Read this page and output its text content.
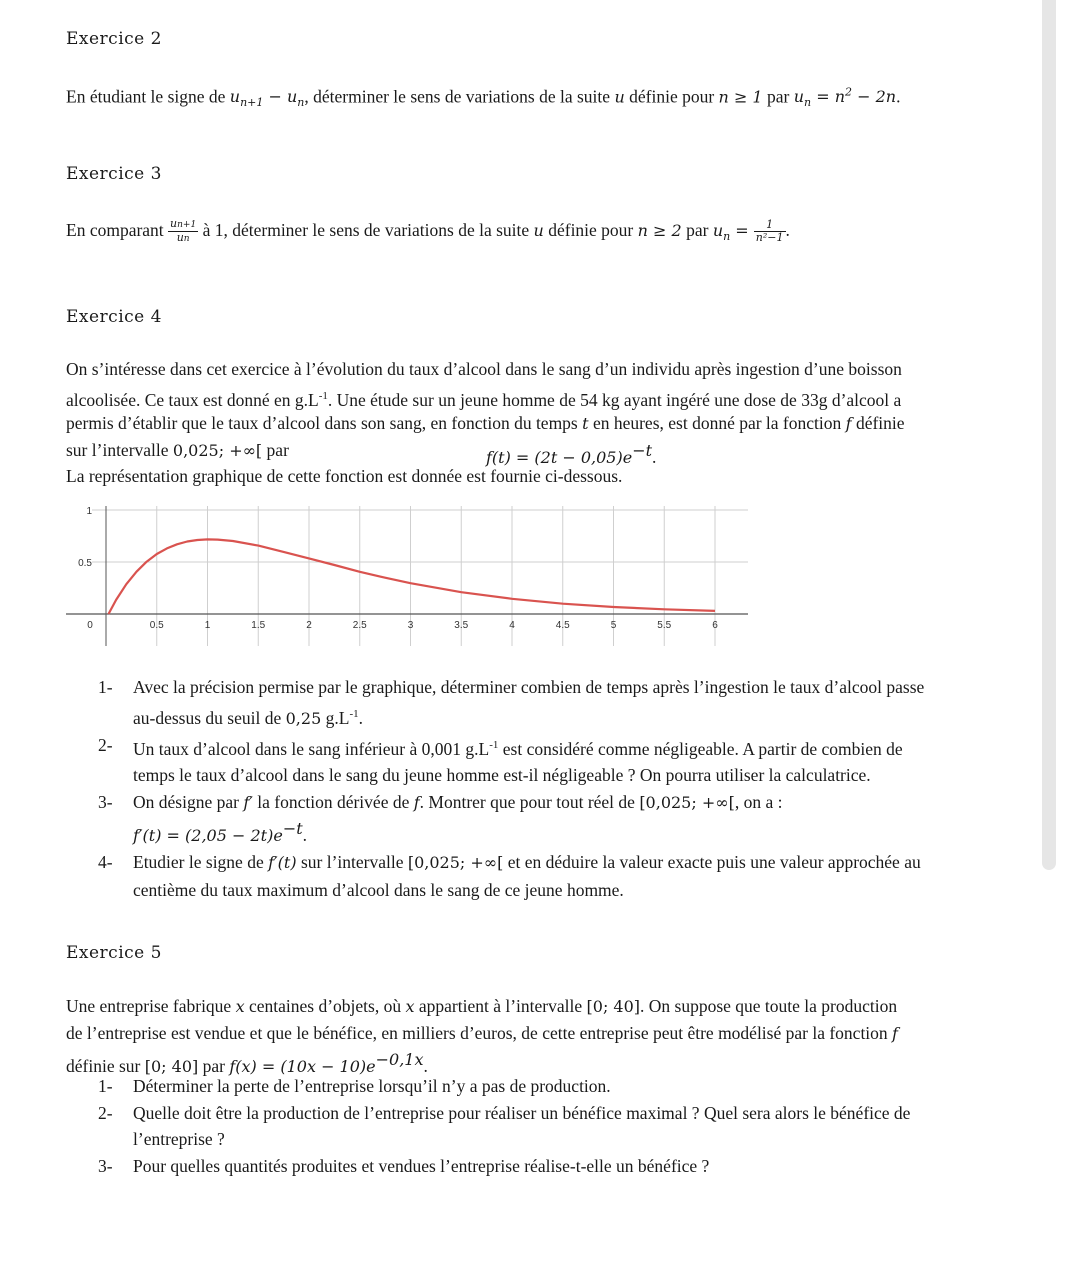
Exercice 2
En étudiant le signe de $u_{n+1} - u_n$, déterminer le sens de variations de la suite u définie pour n ≥ 1 par $u_n = n^2 - 2n$.
Exercice 3
En comparant $\frac{un+1}{un}$ à 1, déterminer le sens de variations de la suite u définie pour n ≥ 2 par $u_n = \frac{1}{\text{n²−1}}$ .
Exercice 4
On s’intéresse dans cet exercice à l’évolution du taux d’alcool dans le sang d’un individu après ingestion d’une boisson
alcoolisée. Ce taux est donné en $g.L^{-1}$. Une étude sur un jeune homme de 54 kg ayant ingéré une dose de 33g d’alcool a
permis d’établir que le taux d’alcool dans son sang, en fonction du temps t en heures, est donné par la fonction f définie
sur l’intervalle 0,025; +∞[ par	$f(t) = (2t - 0,05)e^{-t}$.
La représentation graphique de cette fonction est donnée est fournie ci-dessous.
0	0.5	1	1.5	2	2.5	3	3.5	4	4.5	5	5.5	6
0.5
1
1- Avec la précision permise par le graphique, déterminer combien de temps après l’ingestion le taux d’alcool passe
au-dessus du seuil de 0,25 $g.L^{-1}$.
2- Un taux d’alcool dans le sang inférieur à 0,001 $g.L^{-1}$ est considéré comme négligeable. A partir de combien de
temps le taux d’alcool dans le sang du jeune homme est-il négligeable ? On pourra utiliser la calculatrice.
3- On désigne par f′ la fonction dérivée de f. Montrer que pour tout réel de [0,025; +∞[, on a :
$f'(t) = (2,05 - 2t)e^{-t}$.
4- Etudier le signe de f′(t) sur l’intervalle [0,025; +∞[ et en déduire la valeur exacte puis une valeur approchée au
centième du taux maximum d’alcool dans le sang de ce jeune homme.
Exercice 5
Une entreprise fabrique x centaines d’objets, où x appartient à l’intervalle [0; 40]. On suppose que toute la production
de l’entreprise est vendue et que le bénéfice, en milliers d’euros, de cette entreprise peut être modélisé par la fonction f
définie sur [0; 40] par $f(x) = (10x - 10)e^{-0,1x}$.
1- Déterminer la perte de l’entreprise lorsqu’il n’y a pas de production.
2- Quelle doit être la production de l’entreprise pour réaliser un bénéfice maximal ? Quel sera alors le bénéfice de
l’entreprise ?
3- Pour quelles quantités produites et vendues l’entreprise réalise-t-elle un bénéfice ?
